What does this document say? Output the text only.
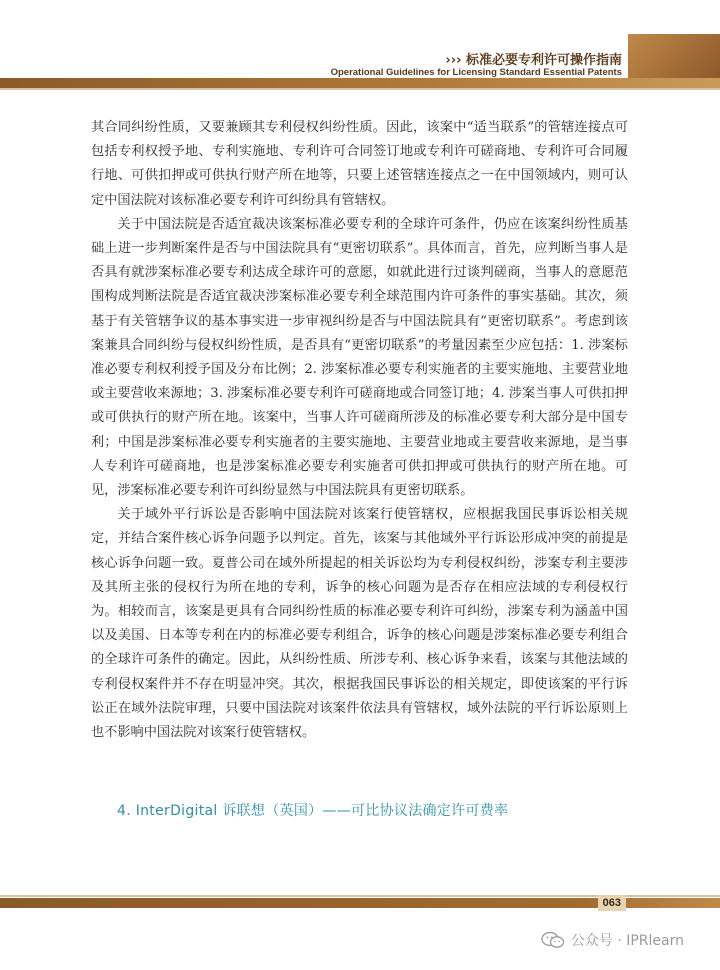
››› 标准必要专利许可操作指南
Operational Guidelines for Licensing Standard Essential Patents

其合同纠纷性质，又要兼顾其专利侵权纠纷性质。因此，该案中“适当联系”的管辖连接点可包括专利权授予地、专利实施地、专利许可合同签订地或专利许可磋商地、专利许可合同履行地、可供扣押或可供执行财产所在地等，只要上述管辖连接点之一在中国领域内，则可认定中国法院对该标准必要专利许可纠纷具有管辖权。

关于中国法院是否适宜裁决该案标准必要专利的全球许可条件，仍应在该案纠纷性质基础上进一步判断案件是否与中国法院具有“更密切联系”。具体而言，首先，应判断当事人是否具有就涉案标准必要专利达成全球许可的意愿，如就此进行过谈判磋商，当事人的意愿范围构成判断法院是否适宜裁决涉案标准必要专利全球范围内许可条件的事实基础。其次，须基于有关管辖争议的基本事实进一步审视纠纷是否与中国法院具有“更密切联系”。考虑到该案兼具合同纠纷与侵权纠纷性质，是否具有“更密切联系”的考量因素至少应包括：1. 涉案标准必要专利权利授予国及分布比例；2. 涉案标准必要专利实施者的主要实施地、主要营业地或主要营收来源地；3. 涉案标准必要专利许可磋商地或合同签订地；4. 涉案当事人可供扣押或可供执行的财产所在地。该案中，当事人许可磋商所涉及的标准必要专利大部分是中国专利；中国是涉案标准必要专利实施者的主要实施地、主要营业地或主要营收来源地，是当事人专利许可磋商地，也是涉案标准必要专利实施者可供扣押或可供执行的财产所在地。可见，涉案标准必要专利许可纠纷显然与中国法院具有更密切联系。

关于域外平行诉讼是否影响中国法院对该案行使管辖权，应根据我国民事诉讼相关规定，并结合案件核心诉争问题予以判定。首先，该案与其他域外平行诉讼形成冲突的前提是核心诉争问题一致。夏普公司在域外所提起的相关诉讼均为专利侵权纠纷，涉案专利主要涉及其所主张的侵权行为所在地的专利，诉争的核心问题为是否存在相应法域的专利侵权行为。相较而言，该案是更具有合同纠纷性质的标准必要专利许可纠纷，涉案专利为涵盖中国以及美国、日本等专利在内的标准必要专利组合，诉争的核心问题是涉案标准必要专利组合的全球许可条件的确定。因此，从纠纷性质、所涉专利、核心诉争来看，该案与其他法域的专利侵权案件并不存在明显冲突。其次，根据我国民事诉讼的相关规定，即使该案的平行诉讼正在域外法院审理，只要中国法院对该案件依法具有管辖权，域外法院的平行诉讼原则上也不影响中国法院对该案行使管辖权。

4. InterDigital 诉联想（英国）——可比协议法确定许可费率
063
公众号 · IPRlearn
